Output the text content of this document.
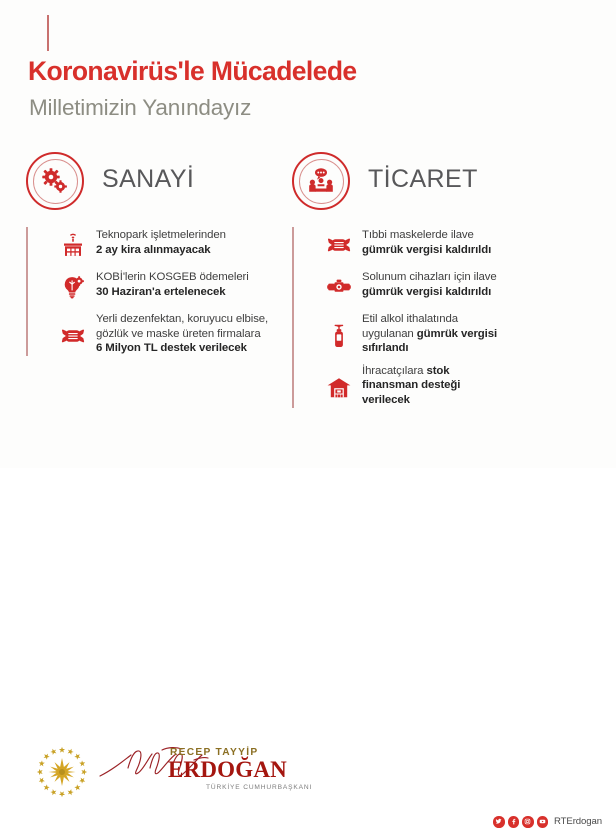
Koronavirüs'le Mücadelede
Milletimizin Yanındayız
SANAYİ
Teknopark işletmelerinden
2 ay kira alınmayacak
KOBİ'lerin KOSGEB ödemeleri
30 Haziran'a ertelenecek
Yerli dezenfektan, koruyucu elbise,
gözlük ve maske üreten firmalara
6 Milyon TL destek verilecek
TİCARET
Tıbbi maskelerde ilave
gümrük vergisi kaldırıldı
Solunum cihazları için ilave
gümrük vergisi kaldırıldı
Etil alkol ithalatında
uygulanan gümrük vergisi
sıfırlandı
İhracatçılara stok
finansman desteği
verilecek
RECEP TAYYİP
ERDOĞAN
TÜRKİYE CUMHURBAŞKANI
RTErdogan
